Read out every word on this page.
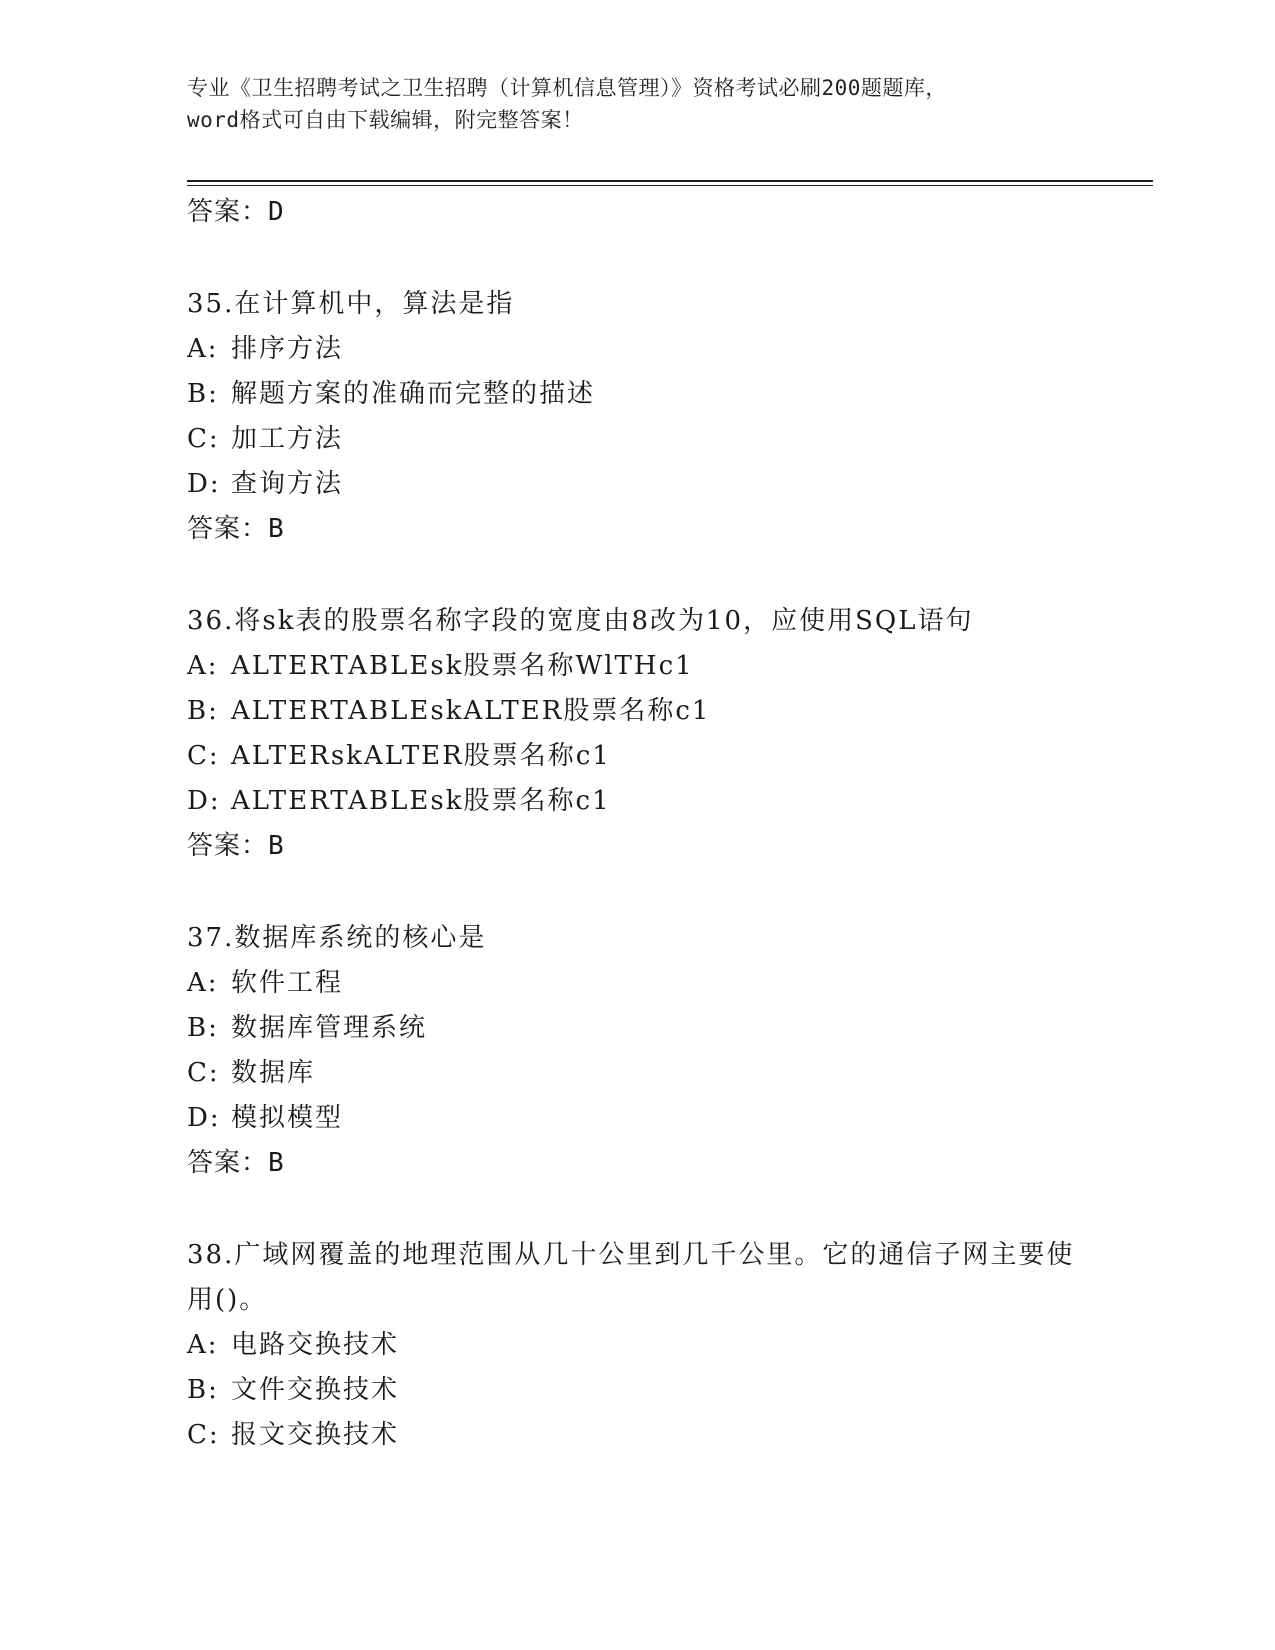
专业《卫生招聘考试之卫生招聘（计算机信息管理）》资格考试必刷200题题库，
word格式可自由下载编辑，附完整答案！
答案：D
35.在计算机中，算法是指
A: 排序方法
B: 解题方案的准确而完整的描述
C: 加工方法
D: 查询方法
答案：B
36.将sk表的股票名称字段的宽度由8改为10，应使用SQL语句
A: ALTERTABLEsk股票名称WlTHc1
B: ALTERTABLEskALTER股票名称c1
C: ALTERskALTER股票名称c1
D: ALTERTABLEsk股票名称c1
答案：B
37.数据库系统的核心是
A: 软件工程
B: 数据库管理系统
C: 数据库
D: 模拟模型
答案：B
38.广域网覆盖的地理范围从几十公里到几千公里。它的通信子网主要使用()。
A: 电路交换技术
B: 文件交换技术
C: 报文交换技术
